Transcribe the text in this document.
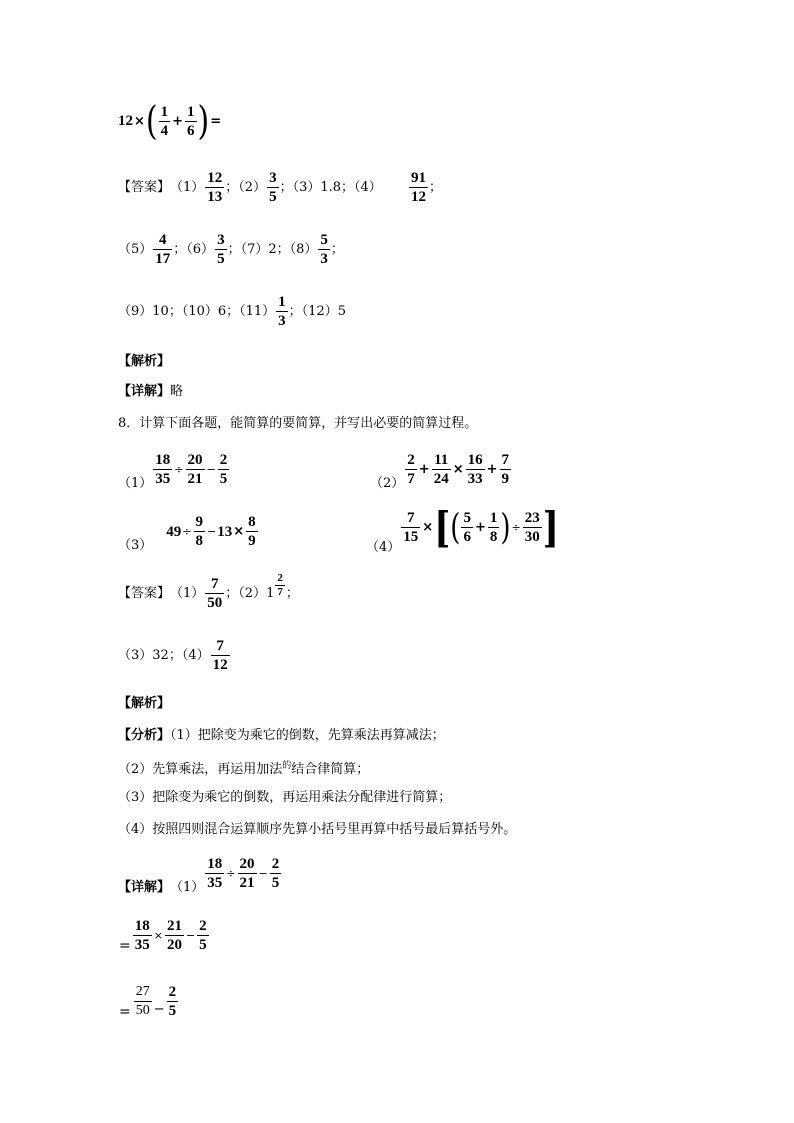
12 × ( $\frac{1}{4} + \frac{1}{6}$ ) =
【答案】 $(1) \frac{12}{13}$ ；$(2) \frac{3}{5}$ ；（3）1.8；$(4) \frac{91}{12}$ ；
$(5) \frac{4}{17}$ ；$(6) \frac{3}{5}$ ；（7）2；$(8) \frac{5}{3}$ ；
（9）10；（10）6；$(11) \frac{1}{3}$ ；（12）5
【解析】
【详解】略
8．计算下面各题，能简算的要简算，并写出必要的简算过程。
$(1) \frac{18}{35} \div \frac{20}{21} - \frac{2}{5}$	$(2) \frac{2}{7} + \frac{11}{24} \times \frac{16}{33} + \frac{7}{9}$
（3）
$49 \div \frac{9}{8} - 13 \times \frac{8}{9}$	（4）
$\frac{7}{15}$ × [ ( $\frac{5}{6} + \frac{1}{8}$ ) ÷ $\frac{23}{30}$ ]
【答案】 $(1) \frac{7}{50}$ ；$(2)1 \frac{2}{7}$ ；
（3）32；$(4) \frac{7}{12}$
【解析】
【分析】（1）把除变为乘它的倒数，先算乘法再算减法；
（2）先算乘法，再运用加法$^的$结合律简算；
（3）把除变为乘它的倒数，再运用乘法分配律进行简算；
（4）按照四则混合运算顺序先算小括号里再算中括号最后算括号外。
【详解】 $(1) \frac{18}{35} \div \frac{20}{21} - \frac{2}{5}$
= $\frac{18}{35} \times \frac{21}{20} - \frac{2}{5}$
= $\frac{27}{50} - \frac{2}{5}$
